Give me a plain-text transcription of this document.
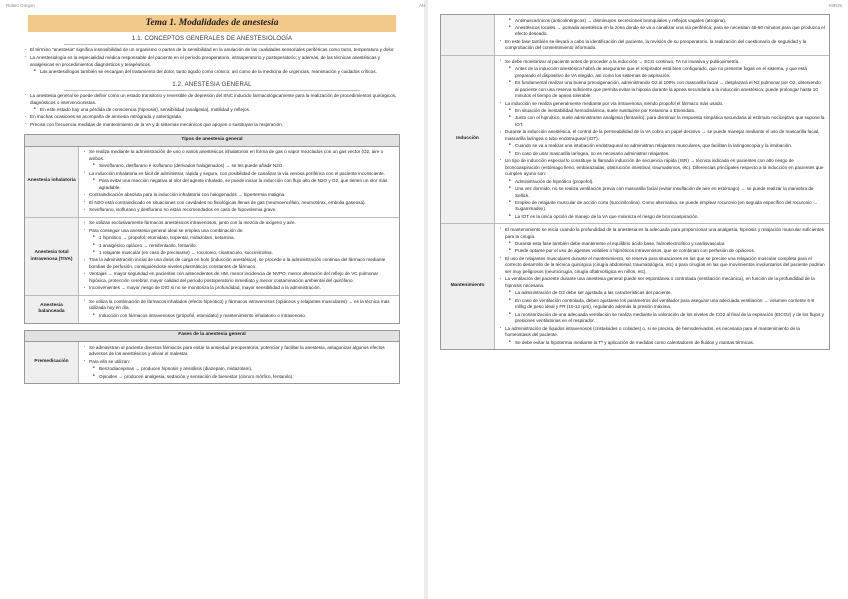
Ruben Oregon
Tema 1. Modalidades de anestesia
1.1. CONCEPTOS GENERALES DE ANESTESIOLOGÍA
· El término "anestesia" significa insensibilidad de un organismo o partes de la sensibilidad en la anulación de las cualidades sensoriales periféricas como tacto, temperatura y dolor.
· La Anestesiología es la especialidad médica responsable del paciente en el período preoperatorio, intraoperatorio y postoperatorio; y además, de las técnicas anestésicas y analgésicas en procedimientos diagnósticos y terapéuticos.
■ Las anestesiólogos también se encargan del tratamiento del dolor, tanto agudo como crónico, así como de la medicina de urgencias, reanimación y cuidados críticos.
1.2. ANESTESIA GENERAL
· La anestesia general se puede definir como un estado transitorio y reversible de depresión del SNC inducido farmacológicamente para la realización de procedimientos quirúrgicos, diagnósticos o intervencionistas.
■ En este estado hay una pérdida de consciencia (hipnosis), sensibilidad (analgesia), motilidad y reflejos.
· En muchas ocasiones se acompaña de amnesia retrógrada y anterógrada.
· Precisa con frecuencia medidas de mantenimiento de la VA y di sistemas mecánicos que apoyen o sustituyan la respiración.
Tipos de anestesia general
Anestesia inhalatoria
· Se realiza mediante la administración de uno o varios anestésicos inhalatorios en forma de gas o vapor mezclados con un gas vector (O2, aire o ambos.
■ Sevoflurano, desflurano e isoflurano (derivados halogenados) → se les puede añadir N2O.
· La inducción inhalatoria es fácil de administrar, rápida y segura, con posibilidad de canalizar la vía venosa periférica con el paciente inconsciente.
■ Para evitar una reacción negativa al olor del agente inhalado, se puede iniciar la inducción con flujo alto de N2O y O2, que tienen un olor más agradable.
· Contraindicación absoluta para la inducción inhalatoria con halogenados → hipertermia maligna.
· El N2O está contraindicado en situaciones con cavidades no fisiológicas llenas de gas (neumoencéfalo, neumotórax, embolia gaseosa).
· Sevoflurano, isoflurano y desflurano no están recomendados en caso de hipovolemia grave.
Anestesia total intravenosa (TIVA)
· Se utilizan exclusivamente fármacos anestésicos intravenosos, junto con la mezcla de oxígeno y aire.
· Para conseguir una anestesia general ideal se emplea una combinación de:
■ 1 hipnótico → propofol, etomidato, tiopental, midazolam, ketamina.
■ 1 analgésico opiáceo → remifentanilo, fentanilo.
■ 1 relajante muscular (en caso de precisarse) → rocuronio, cisatracurio, succinilcolina.
· Tras la administración inicial de una dosis de carga en bolo (inducción anestésica), se procede a la administración continua del fármaco mediante bombas de perfusión, consiguiéndose niveles plasmáticos constantes de fármaco.
· Ventajas → mayor seguridad en pacientes con antecedentes de HM, menor incidencia de NVPO, menor alteración del reflejo de VC pulmonar hipóxica, protección cerebral, mayor calidad del período postoperatorio inmediato y menor contaminación ambiental del quirófano.
· Inconvenientes → mayor riesgo de DIO si no se monitoriza la profundidad, mayor sensibilidad a la administración.
Anestesia balanceada
· Se utiliza la combinación de fármacos inhalados (efecto hipnótico) y fármacos intravenosos (opiáceos y relajantes musculares) → es la técnica más utilizada hoy en día.
■ Inducción con fármacos intravenosos (propofol, etomidato) y mantenimiento inhalatorio o intravenoso.
Fases de la anestesia general
Premedicación
· Se administran al paciente diversos fármacos para evitar la ansiedad preoperatoria, potenciar y facilitar la anestesia, antagonizar algunos efectos adversos de los anestésicos y aliviar el malestar.
· Para ello se utilizan:
■ Benzodiacepinas → producen hipnosis y ansiólisis (diazepam, midazolam).
■ Opioides → producen analgesia, sedación y sensación de bienestar (cloruro mórfico, fentanilo).
AN	MIR25
■ Antimuscarínicos (anticolinérgicos) → disminuyen secreciones bronquiales y reflejos vagales (atropina).
■ Anestésicos locales → pomada anestésica en la zona donde se va a canalizar una vía periférica; para se necesitan 45-60 minutos para que produzca el efecto deseado.
· En este fase también se llevará a cabo la identificación del paciente, la revisión de su preoperatorio, la realización del cuestionario de seguridad y la comprobación del consentimiento informado.
Inducción
· Se debe monitorizar al paciente antes de proceder a la inducción → ECG continuo, TA no invasiva y pulsioximetría.
■ Antes de la inducción anestésica habrá de asegurarse que el respirador está bien configurado, que no presente fugas en el sistema, y que está preparado el dispositivo de VA elegido, así como los sistemas de aspiración.
■ Es fundamental realizar una buena preoxigenación, administrando O2 al 100% con mascarilla facial → desplazará el N2 pulmonar por O2, obteniendo al paciente con una reserva suficiente que permita evitar la hipoxia durante la apnea secundaria a la inducción anestésica; puede prolongar hasta 10 minutos el tiempo de apnea tolerable.
· La inducción se realiza generalmente mediante por vía intravenosa, siendo propofol el fármaco más usado.
■ En situación de inestabilidad hemodinámica, suele sustituirse por Ketamina o Etomidato.
■ Junto con el hipnótico, suele administrarse analgesia (fentanilo), para disminuir la respuesta simpática secundaria al estímulo nociceptivo que supone la IOT.
· Durante la inducción anestésica, el control de la permeabilidad de la VA cobra un papel decisivo → se puede manejar mediante el uso de mascarilla facial, mascarilla laríngea o tubo endotraqueal (IOT).
■ Cuando se va a realizar una intubación endotraqueal se administran relajantes musculares, que facilitan la laringoscopia y la intubación.
■ En caso de usar mascarilla laríngea, no es necesario administrar relajantes.
· Un tipo de inducción especial lo constituye la llamada inducción de secuencia rápida (ISR) → técnica indicada en pacientes con alto riesgo de broncoaspiración (estómago lleno, embarazadas, obstrucción intestinal, traumatismos, etc). Diferencias principales respecto a la inducción en pacientes que cumplen ayuno son:
■ Administración de hipnótico (propofol).
■ Una vez dormido, no se realiza ventilación previa con mascarilla facial (evitar insuflación de aire en estómago) → se puede realizar la maniobra de Sellick.
■ Empleo de relajante muscular de acción corta (succinilcolina). Como alternativa, se puede emplear rocuronio (en seguida específico del rocuronio → Sugammadex).
■ La IOT es la única opción de manejo de la VA que minimiza el riesgo de broncoaspiración.
Mantenimiento
· El mantenimiento se inicia cuando la profundidad de la anestesia es la adecuada para proporcionar una analgesia, hipnosis y relajación muscular suficientes para la cirugía.
■ Durante esta fase también debe mantenerse el equilibrio ácido base, hidroelectrolítico y cardiovascular.
■ Puede optarse por el uso de agentes volátiles o hipnóticos intravenosos, que se combinan con perfusión de opiáceos.
· El uso de relajantes musculares durante el mantenimiento, se reserva para situaciones en las que se precise una relajación muscular completa para el correcto desarrollo de la técnica quirúrgica (cirugía abdominal, traumatológica, etc) o para cirugías en las que movimientos involuntarios del paciente podrían ser muy peligrosos (neurocirugía, cirugía oftalmológica en niños, etc).
· La ventilación del paciente durante una anestesia general puede ser espontánea o controlada (ventilación mecánica), en función de la profundidad de la hipnosis necesaria.
■ La administración de O2 debe ser ajustada a las características del paciente.
■ En caso de ventilación controlada, deben ajustarse los parámetros del ventilador para asegurar una adecuada ventilación → volumen corriente 6-8 ml/kg de peso ideal y FR (10-12 rpm), regulando además la presión máxima.
■ La monitorización de una adecuada ventilación se realiza mediante la valoración de los niveles de CO2 al final de la espiración (EtCO2) y de los flujos y presiones ventilatorias en el respirador.
· La administración de líquidos intravenosos (cristaloides o coloides) o, si se precisa, de hemoderivados, es necesaria para el mantenimiento de la homeostasis del paciente.
■ Se debe evitar la hipotermia mediante la Tª y aplicación de medidas como calentadores de fluidos y mantas térmicas.
